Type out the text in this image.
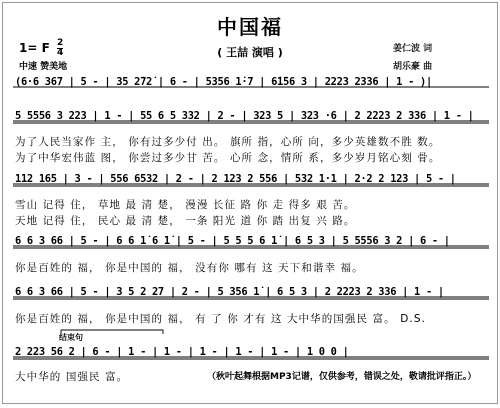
中国福
( 王喆 演唱 )
1= F $\frac{2}{4}$
中速 赞美地
姜仁波 词
胡乐豪 曲
(6·6 367 | 5 - | 35 2̇72̇ | 6 - | 5356 1̇·7 | 6̇1̇56 3 | 2223 2336 | 1 - )|
5 5556 3 223 | 1 - | 55 6 5 332 | 2 - | 323 5 | 323 ·6 | 2 2223 2 336 | 1 - |
为了人民当家作 主， 你有过多少付 出。 旗所 指，心所 向，多少英雄数不胜 数。
为了中华宏伟蓝 图， 你尝过多少甘 苦。 心所 念，情所 系，多少岁月铭心刻 骨。
112 165 | 3 - | 556 6532 | 2 - | 2 123 2 556 | 532 1·1 | 2·2 2 123 | 5 - |
雪山 记得 住， 草地 最 清 楚， 漫漫 长征 路 你 走 得多 艰 苦。
天地 记得 住， 民心 最 清 楚， 一条 阳光 道 你 踏 出复 兴 路。
6 6 3 66 | 5 - | 6 6 1̇ 6 1̇ | 5 - | 5 5 5 6 1̇ | 6 5 3 | 5 5556 3 2 | 6 - |
你是百姓的 福， 你是中国的 福， 没有你 哪有 这 天下和谐幸 福。
6 6 3 66 | 5 - | 3 5 2 27 | 2 - | 5 356 1̇ | 6 5 3 | 2 2223 2 336 | 1 - |
你是百姓的 福， 你是中国的 福， 有 了 你 才有 这 大中华的国强民 富。 D.S.
结束句
2 223 56 2 | 6 - | 1 - | 1 - | 1 - | 1 - | 1 - | 1 0 0 |
大中华的 国强民 富。	（秋叶起舞根据MP3记谱，仅供参考，错误之处，敬请批评指正。）
